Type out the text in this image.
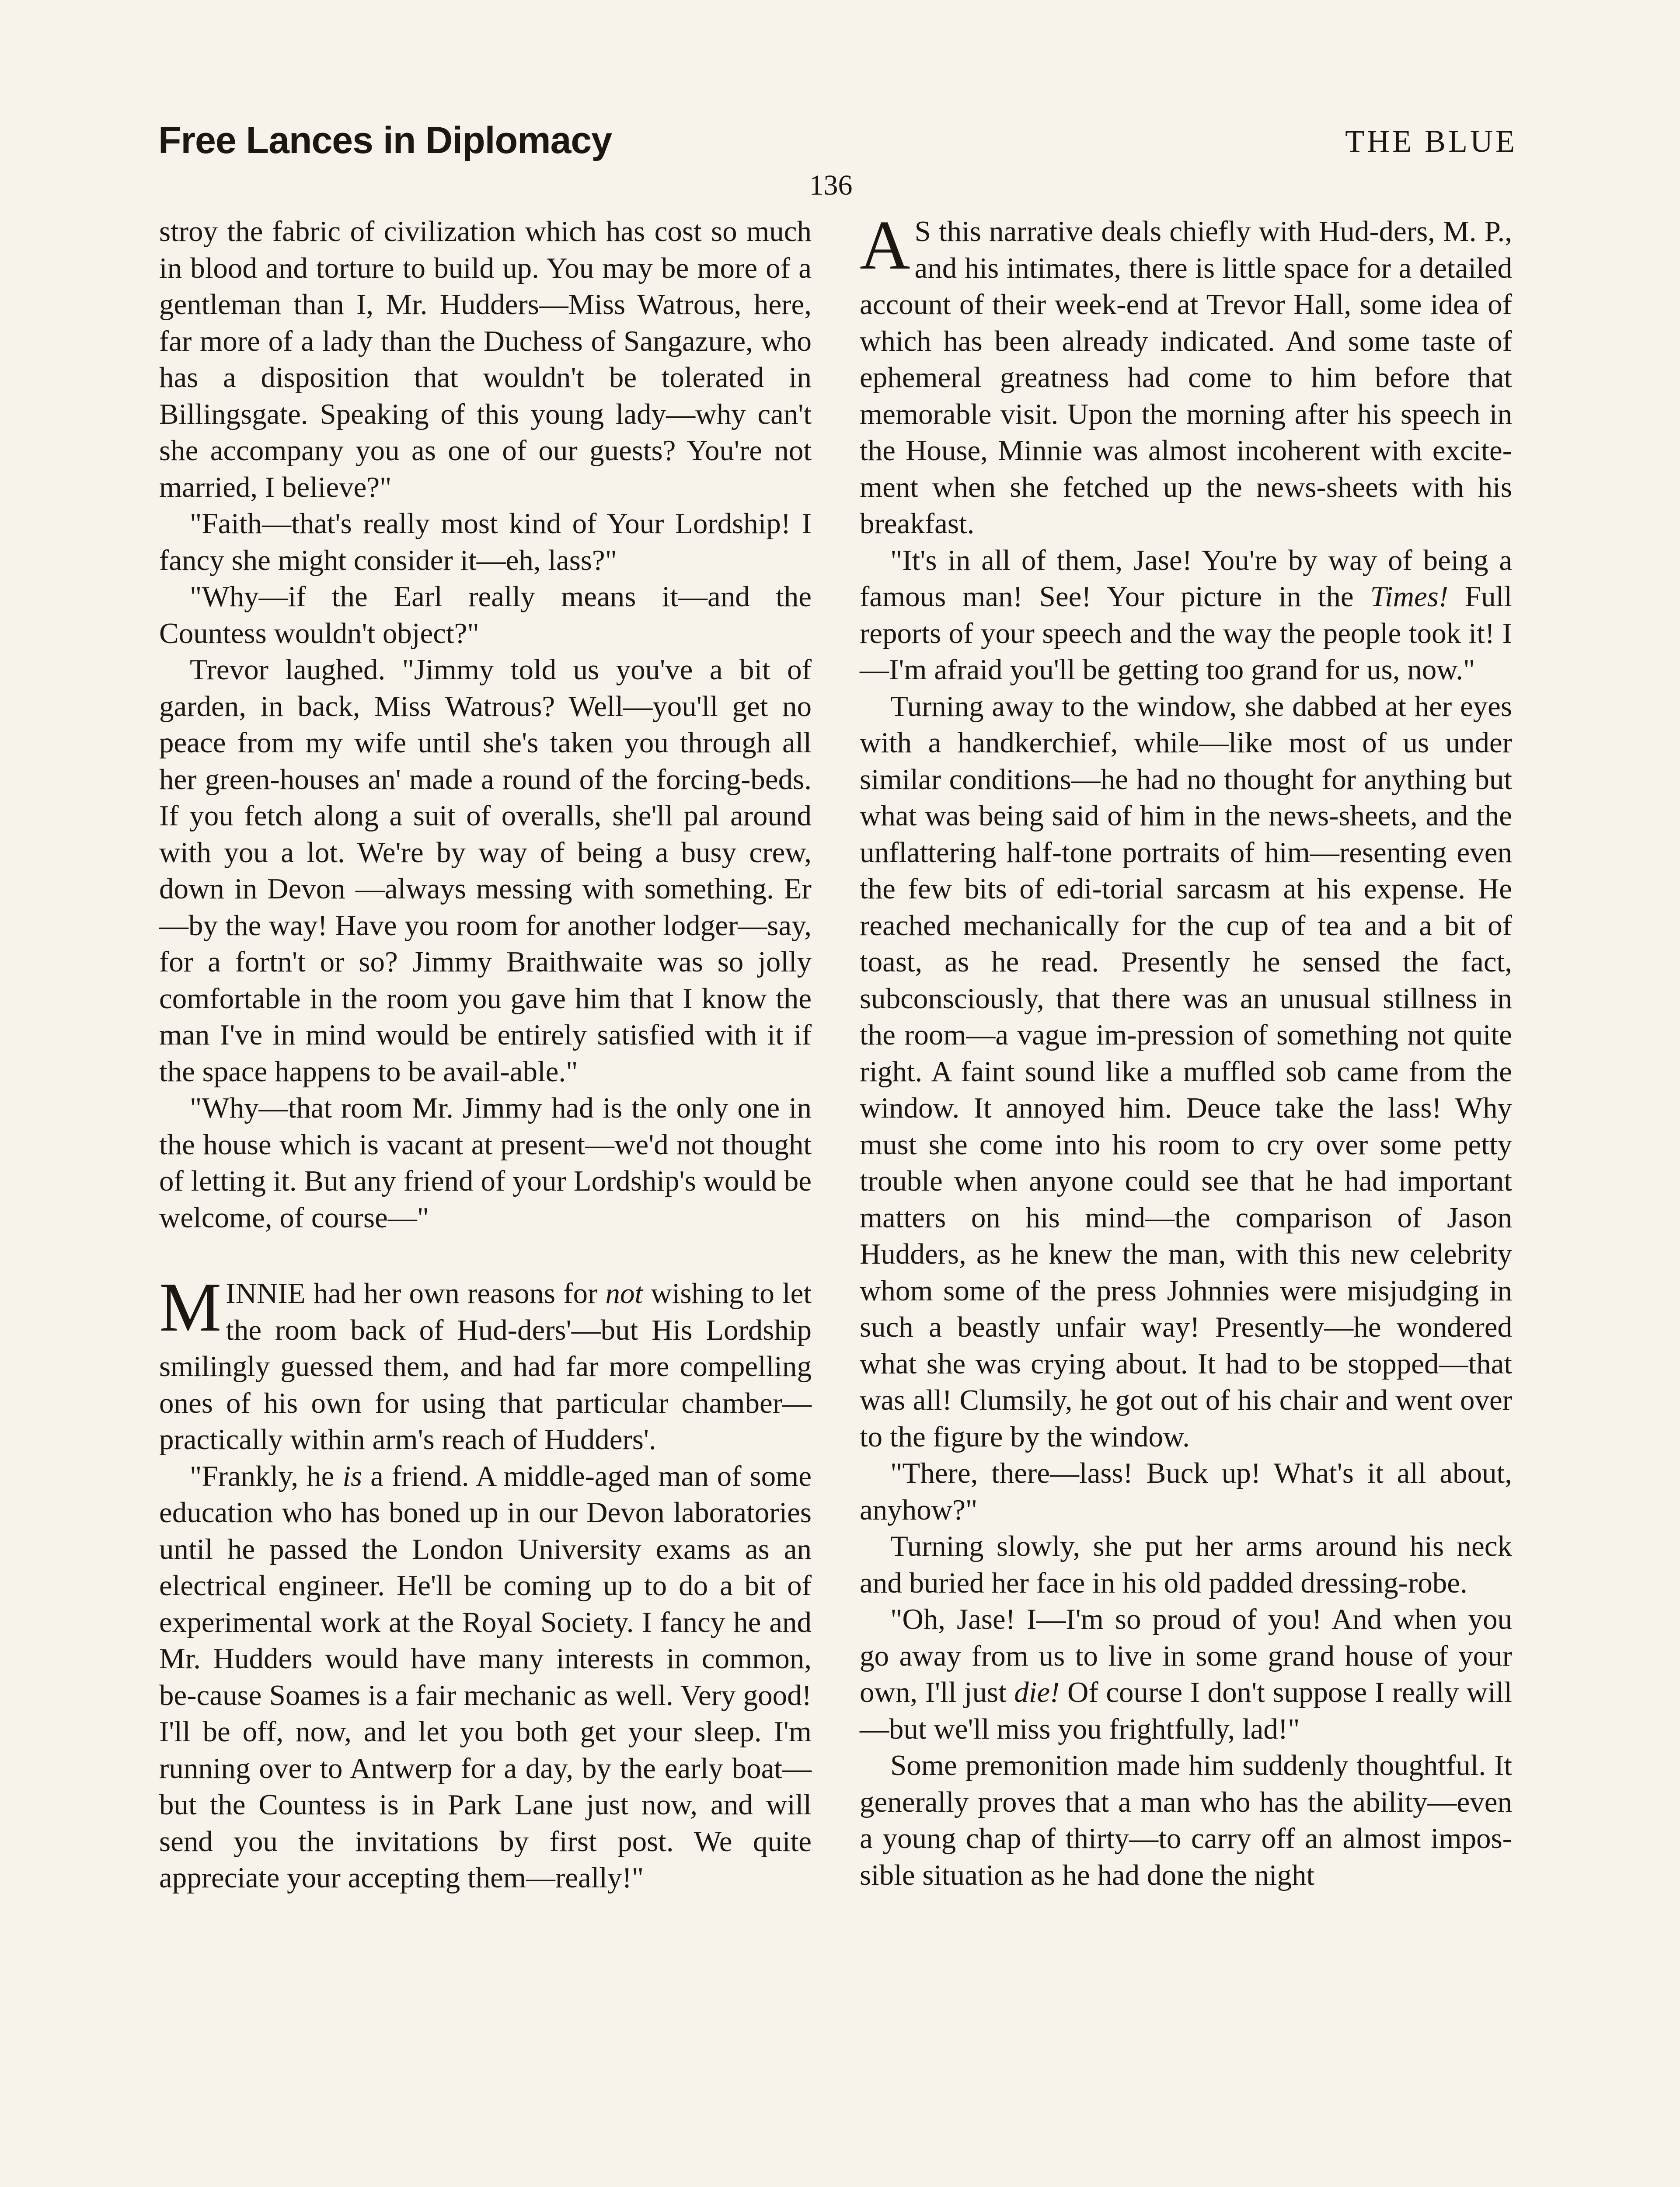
Free Lances in Diplomacy	THE BLUE
136

stroy the fabric of civilization which has cost so much in blood and torture to build up. You may be more of a gentleman than I, Mr. Hudders—Miss Watrous, here, far more of a lady than the Duchess of Sangazure, who has a disposition that wouldn't be tolerated in Billingsgate. Speaking of this young lady—why can't she accompany you as one of our guests? You're not married, I believe?"

"Faith—that's really most kind of Your Lordship! I fancy she might consider it—eh, lass?"

"Why—if the Earl really means it—and the Countess wouldn't object?"

Trevor laughed. "Jimmy told us you've a bit of garden, in back, Miss Watrous? Well—you'll get no peace from my wife until she's taken you through all her green-houses an' made a round of the forcing-beds. If you fetch along a suit of overalls, she'll pal around with you a lot. We're by way of being a busy crew, down in Devon —always messing with something. Er—by the way! Have you room for another lodger—say, for a fortn't or so? Jimmy Braithwaite was so jolly comfortable in the room you gave him that I know the man I've in mind would be entirely satisfied with it if the space happens to be avail-able."

"Why—that room Mr. Jimmy had is the only one in the house which is vacant at present—we'd not thought of letting it. But any friend of your Lordship's would be welcome, of course—"

MINNIE had her own reasons for not wishing to let the room back of Hud-ders'—but His Lordship smilingly guessed them, and had far more compelling ones of his own for using that particular chamber—practically within arm's reach of Hudders'.

"Frankly, he is a friend. A middle-aged man of some education who has boned up in our Devon laboratories until he passed the London University exams as an electrical engineer. He'll be coming up to do a bit of experimental work at the Royal Society. I fancy he and Mr. Hudders would have many interests in common, be-cause Soames is a fair mechanic as well. Very good! I'll be off, now, and let you both get your sleep. I'm running over to Antwerp for a day, by the early boat—but the Countess is in Park Lane just now, and will send you the invitations by first post. We quite appreciate your accepting them—really!"

A S this narrative deals chiefly with Hud-ders, M. P., and his intimates, there is little space for a detailed account of their week-end at Trevor Hall, some idea of which has been already indicated. And some taste of ephemeral greatness had come to him before that memorable visit. Upon the morning after his speech in the House, Minnie was almost incoherent with excite-ment when she fetched up the news-sheets with his breakfast.

"It's in all of them, Jase! You're by way of being a famous man! See! Your picture in the Times! Full reports of your speech and the way the people took it! I—I'm afraid you'll be getting too grand for us, now."

Turning away to the window, she dabbed at her eyes with a handkerchief, while—like most of us under similar conditions—he had no thought for anything but what was being said of him in the news-sheets, and the unflattering half-tone portraits of him—resenting even the few bits of edi-torial sarcasm at his expense. He reached mechanically for the cup of tea and a bit of toast, as he read. Presently he sensed the fact, subconsciously, that there was an unusual stillness in the room—a vague im-pression of something not quite right. A faint sound like a muffled sob came from the window. It annoyed him. Deuce take the lass! Why must she come into his room to cry over some petty trouble when anyone could see that he had important matters on his mind—the comparison of Jason Hudders, as he knew the man, with this new celebrity whom some of the press Johnnies were misjudging in such a beastly unfair way! Presently—he wondered what she was crying about. It had to be stopped—that was all! Clumsily, he got out of his chair and went over to the figure by the window.

"There, there—lass! Buck up! What's it all about, anyhow?"

Turning slowly, she put her arms around his neck and buried her face in his old padded dressing-robe.

"Oh, Jase! I—I'm so proud of you! And when you go away from us to live in some grand house of your own, I'll just die! Of course I don't suppose I really will—but we'll miss you frightfully, lad!"

Some premonition made him suddenly thoughtful. It generally proves that a man who has the ability—even a young chap of thirty—to carry off an almost impos-sible situation as he had done the night
